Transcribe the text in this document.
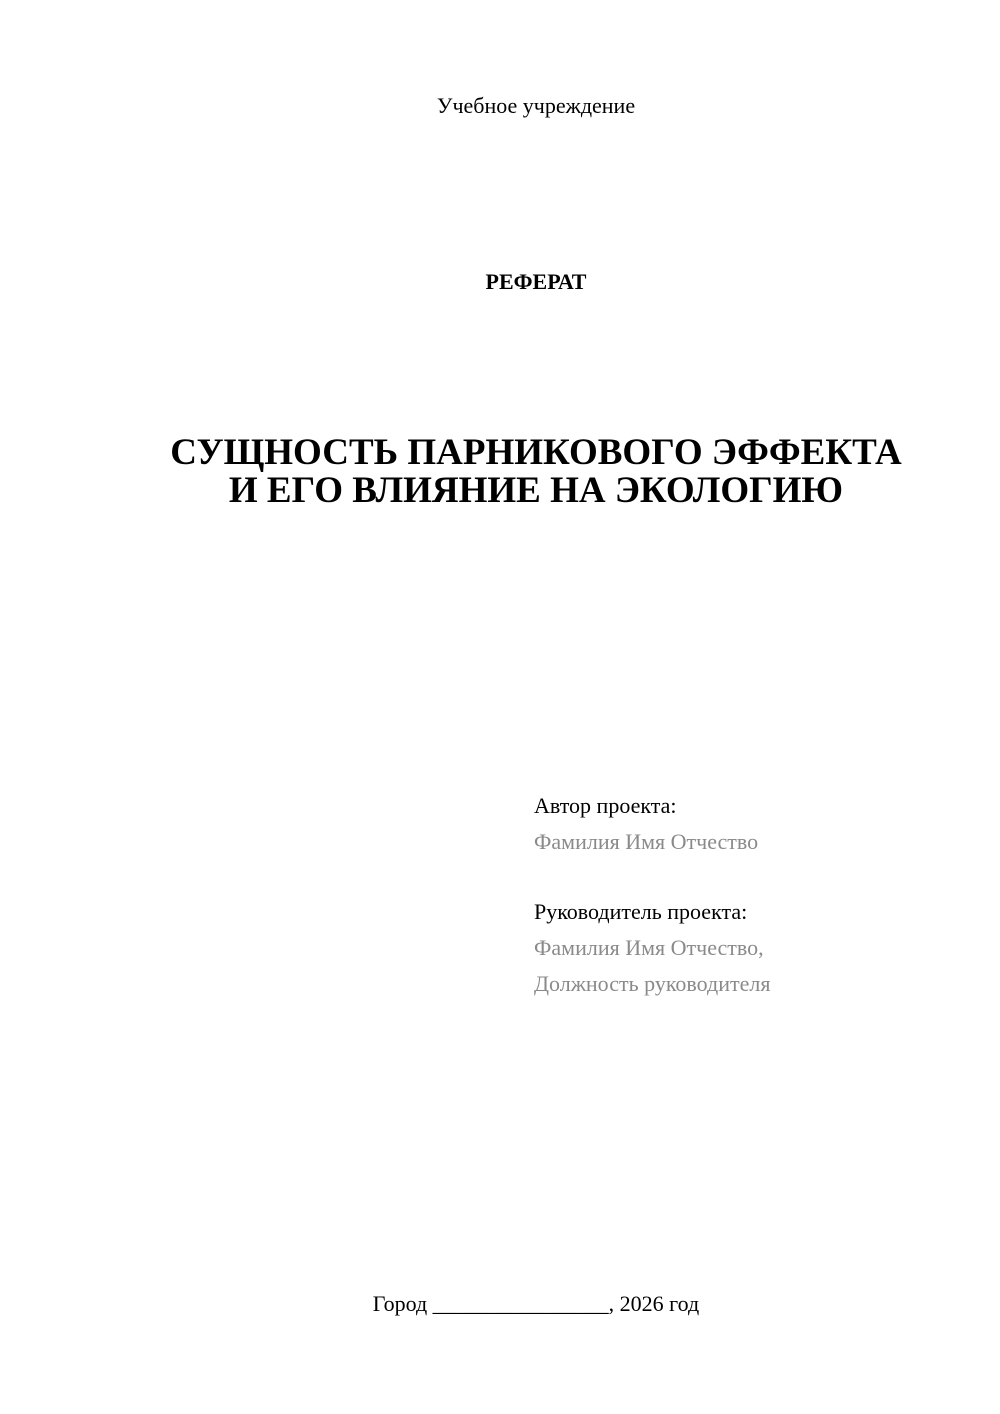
Учебное учреждение
РЕФЕРАТ
СУЩНОСТЬ ПАРНИКОВОГО ЭФФЕКТА
И ЕГО ВЛИЯНИЕ НА ЭКОЛОГИЮ
Автор проекта:
Фамилия Имя Отчество
Руководитель проекта:
Фамилия Имя Отчество,
Должность руководителя
Город ________________, 2026 год
